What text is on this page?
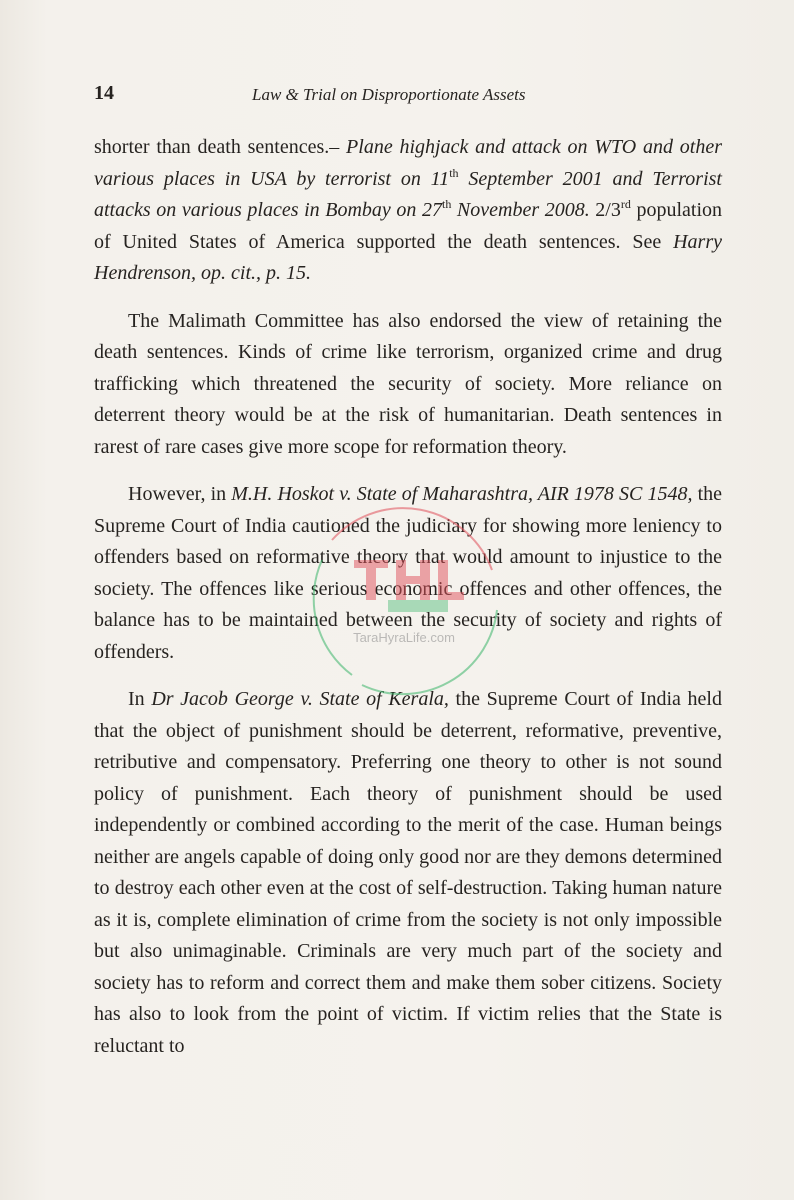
14	Law & Trial on Disproportionate Assets

shorter than death sentences.– Plane highjack and attack on WTO and other various places in USA by terrorist on 11th September 2001 and Terrorist attacks on various places in Bombay on 27th November 2008. 2/3rd population of United States of America supported the death sentences. See Harry Hendrenson, op. cit., p. 15.

The Malimath Committee has also endorsed the view of retaining the death sentences. Kinds of crime like terrorism, organized crime and drug trafficking which threatened the security of society. More reliance on deterrent theory would be at the risk of humanitarian. Death sentences in rarest of rare cases give more scope for reformation theory.

However, in M.H. Hoskot v. State of Maharashtra, AIR 1978 SC 1548, the Supreme Court of India cautioned the judiciary for showing more leniency to offenders based on reformative theory that would amount to injustice to the society. The offences like serious economic offences and other offences, the balance has to be maintained between the security of society and rights of offenders.

In Dr Jacob George v. State of Kerala, the Supreme Court of India held that the object of punishment should be deterrent, reformative, preventive, retributive and compensatory. Preferring one theory to other is not sound policy of punishment. Each theory of punishment should be used independently or combined according to the merit of the case. Human beings neither are angels capable of doing only good nor are they demons determined to destroy each other even at the cost of self-destruction. Taking human nature as it is, complete elimination of crime from the society is not only impossible but also unimaginable. Criminals are very much part of the society and society has to reform and correct them and make them sober citizens. Society has also to look from the point of victim. If victim relies that the State is reluctant to

TaraHyraLife.com
